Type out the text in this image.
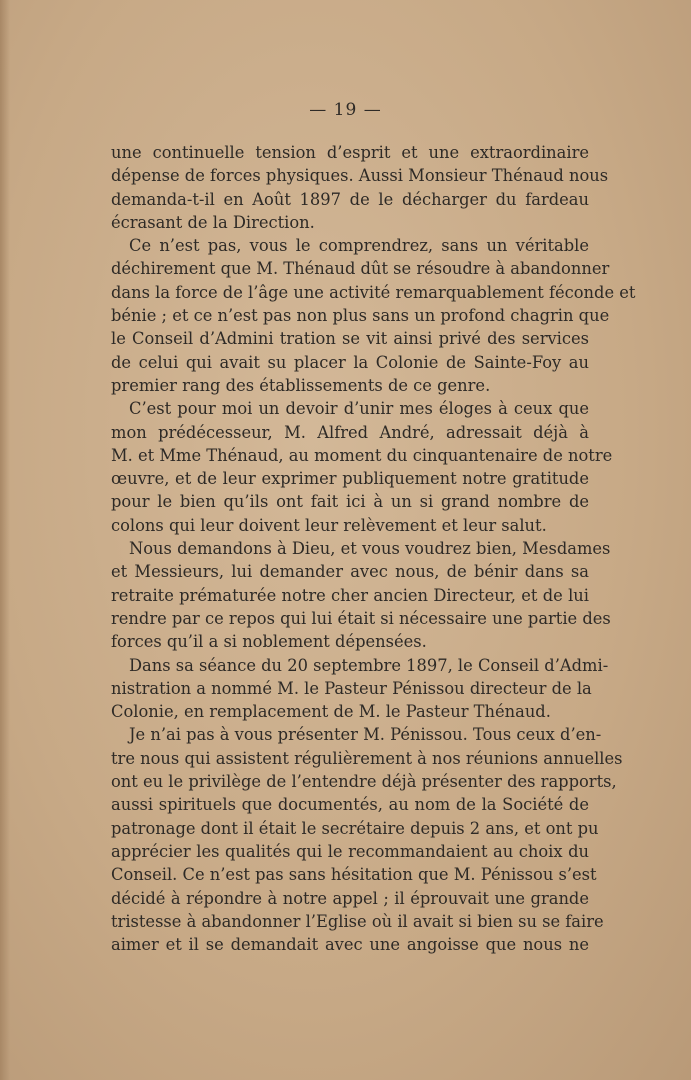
— 19 —
une continuelle tension d’esprit et une extraordinaire
dépense de forces physiques. Aussi Monsieur Thénaud nous
demanda-t-il en Août 1897 de le décharger du fardeau
écrasant de la Direction.
Ce n’est pas, vous le comprendrez, sans un véritable
déchirement que M. Thénaud dût se résoudre à abandonner
dans la force de l’âge une activité remarquablement féconde et
bénie ; et ce n’est pas non plus sans un profond chagrin que
le Conseil d’Admini tration se vit ainsi privé des services
de celui qui avait su placer la Colonie de Sainte-Foy au
premier rang des établissements de ce genre.
C’est pour moi un devoir d’unir mes éloges à ceux que
mon prédécesseur, M. Alfred André, adressait déjà à
M. et Mme Thénaud, au moment du cinquantenaire de notre
œuvre, et de leur exprimer publiquement notre gratitude
pour le bien qu’ils ont fait ici à un si grand nombre de
colons qui leur doivent leur relèvement et leur salut.
Nous demandons à Dieu, et vous voudrez bien, Mesdames
et Messieurs, lui demander avec nous, de bénir dans sa
retraite prématurée notre cher ancien Directeur, et de lui
rendre par ce repos qui lui était si nécessaire une partie des
forces qu’il a si noblement dépensées.
Dans sa séance du 20 septembre 1897, le Conseil d’Admi-
nistration a nommé M. le Pasteur Pénissou directeur de la
Colonie, en remplacement de M. le Pasteur Thénaud.
Je n’ai pas à vous présenter M. Pénissou. Tous ceux d’en-
tre nous qui assistent régulièrement à nos réunions annuelles
ont eu le privilège de l’entendre déjà présenter des rapports,
aussi spirituels que documentés, au nom de la Société de
patronage dont il était le secrétaire depuis 2 ans, et ont pu
apprécier les qualités qui le recommandaient au choix du
Conseil. Ce n’est pas sans hésitation que M. Pénissou s’est
décidé à répondre à notre appel ; il éprouvait une grande
tristesse à abandonner l’Eglise où il avait si bien su se faire
aimer et il se demandait avec une angoisse que nous ne
